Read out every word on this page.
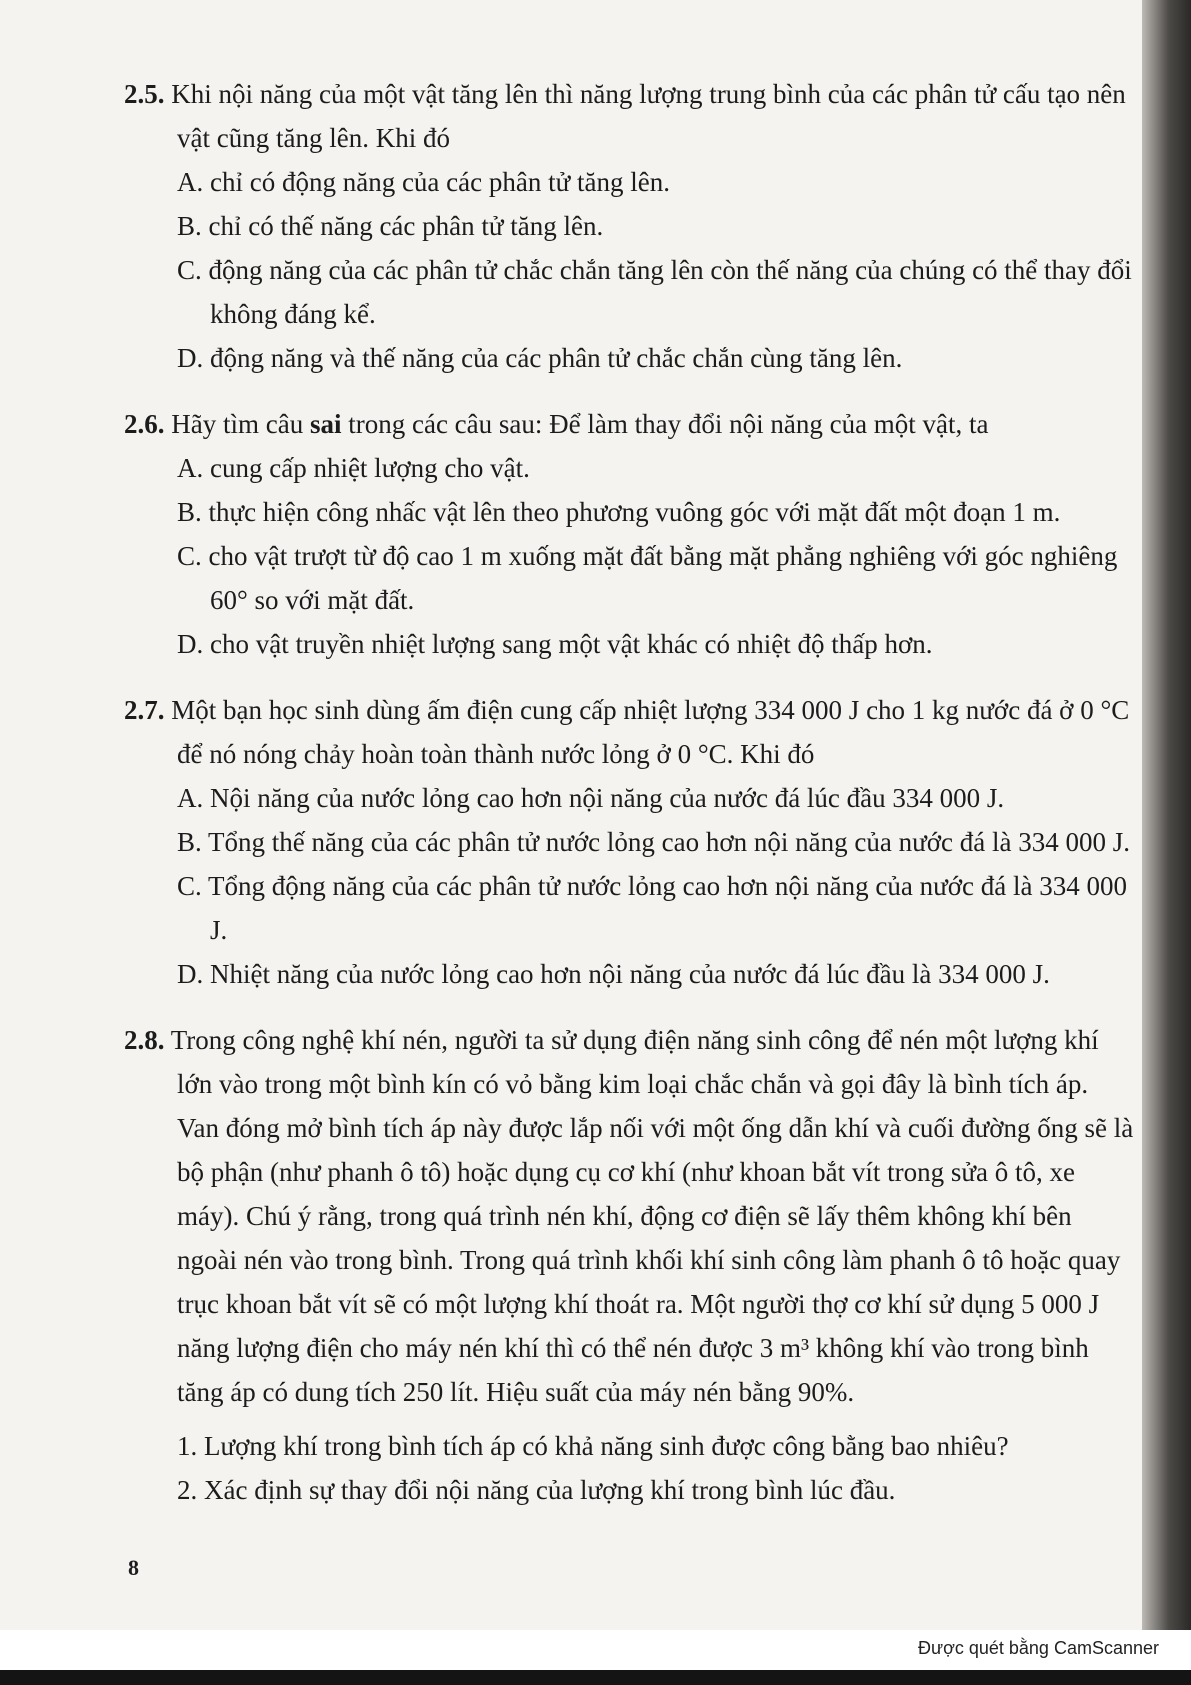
2.5. Khi nội năng của một vật tăng lên thì năng lượng trung bình của các phân tử cấu tạo nên vật cũng tăng lên. Khi đó
A. chỉ có động năng của các phân tử tăng lên.
B. chỉ có thế năng các phân tử tăng lên.
C. động năng của các phân tử chắc chắn tăng lên còn thế năng của chúng có thể thay đổi không đáng kể.
D. động năng và thế năng của các phân tử chắc chắn cùng tăng lên.
2.6. Hãy tìm câu sai trong các câu sau: Để làm thay đổi nội năng của một vật, ta
A. cung cấp nhiệt lượng cho vật.
B. thực hiện công nhấc vật lên theo phương vuông góc với mặt đất một đoạn 1 m.
C. cho vật trượt từ độ cao 1 m xuống mặt đất bằng mặt phẳng nghiêng với góc nghiêng 60° so với mặt đất.
D. cho vật truyền nhiệt lượng sang một vật khác có nhiệt độ thấp hơn.
2.7. Một bạn học sinh dùng ấm điện cung cấp nhiệt lượng 334 000 J cho 1 kg nước đá ở 0 °C để nó nóng chảy hoàn toàn thành nước lỏng ở 0 °C. Khi đó
A. Nội năng của nước lỏng cao hơn nội năng của nước đá lúc đầu 334 000 J.
B. Tổng thế năng của các phân tử nước lỏng cao hơn nội năng của nước đá là 334 000 J.
C. Tổng động năng của các phân tử nước lỏng cao hơn nội năng của nước đá là 334 000 J.
D. Nhiệt năng của nước lỏng cao hơn nội năng của nước đá lúc đầu là 334 000 J.
2.8. Trong công nghệ khí nén, người ta sử dụng điện năng sinh công để nén một lượng khí lớn vào trong một bình kín có vỏ bằng kim loại chắc chắn và gọi đây là bình tích áp. Van đóng mở bình tích áp này được lắp nối với một ống dẫn khí và cuối đường ống sẽ là bộ phận (như phanh ô tô) hoặc dụng cụ cơ khí (như khoan bắt vít trong sửa ô tô, xe máy). Chú ý rằng, trong quá trình nén khí, động cơ điện sẽ lấy thêm không khí bên ngoài nén vào trong bình. Trong quá trình khối khí sinh công làm phanh ô tô hoặc quay trục khoan bắt vít sẽ có một lượng khí thoát ra. Một người thợ cơ khí sử dụng 5 000 J năng lượng điện cho máy nén khí thì có thể nén được 3 m³ không khí vào trong bình tăng áp có dung tích 250 lít. Hiệu suất của máy nén bằng 90%.
1. Lượng khí trong bình tích áp có khả năng sinh được công bằng bao nhiêu?
2. Xác định sự thay đổi nội năng của lượng khí trong bình lúc đầu.
8
Được quét bằng CamScanner
